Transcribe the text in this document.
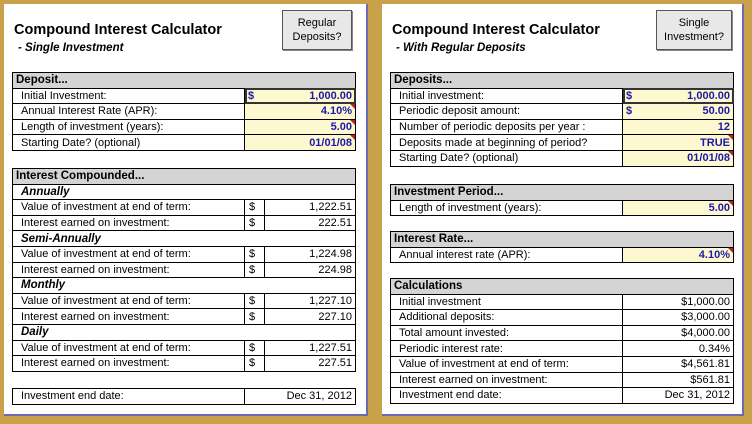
Compound Interest Calculator
- Single Investment
Regular
Deposits?
Deposit...	
Initial Investment:	$ 1,000.00

Annual Interest Rate (APR):	4.10%
Length of investment (years):	5.00
Starting Date? (optional)	01/01/08
Interest Compounded...		
Annually		
Value of investment at end of term:	$	1,222.51
Interest earned on investment:	$	222.51
Semi-Annually		
Value of investment at end of term:	$	1,224.98
Interest earned on investment:	$	224.98
Monthly		
Value of investment at end of term:	$	1,227.10
Interest earned on investment:	$	227.10
Daily		
Value of investment at end of term:	$	1,227.51
Interest earned on investment:	$	227.51
Investment end date:	Dec 31, 2012
Compound Interest Calculator
- With Regular Deposits
Single
Investment?
Deposits...	
Initial investment:	$ 1,000.00

Periodic deposit amount:	$ 50.00

Number of periodic deposits per year :	12
Deposits made at beginning of period?	TRUE
Starting Date? (optional)	01/01/08
Investment Period...
Length of investment (years):	5.00
Interest Rate...
Annual interest rate (APR):	4.10%
Calculations	
Initial investment	$1,000.00
Additional deposits:	$3,000.00
Total amount invested:	$4,000.00
Periodic interest rate:	0.34%
Value of investment at end of term:	$4,561.81
Interest earned on investment:	$561.81
Investment end date:	Dec 31, 2012
